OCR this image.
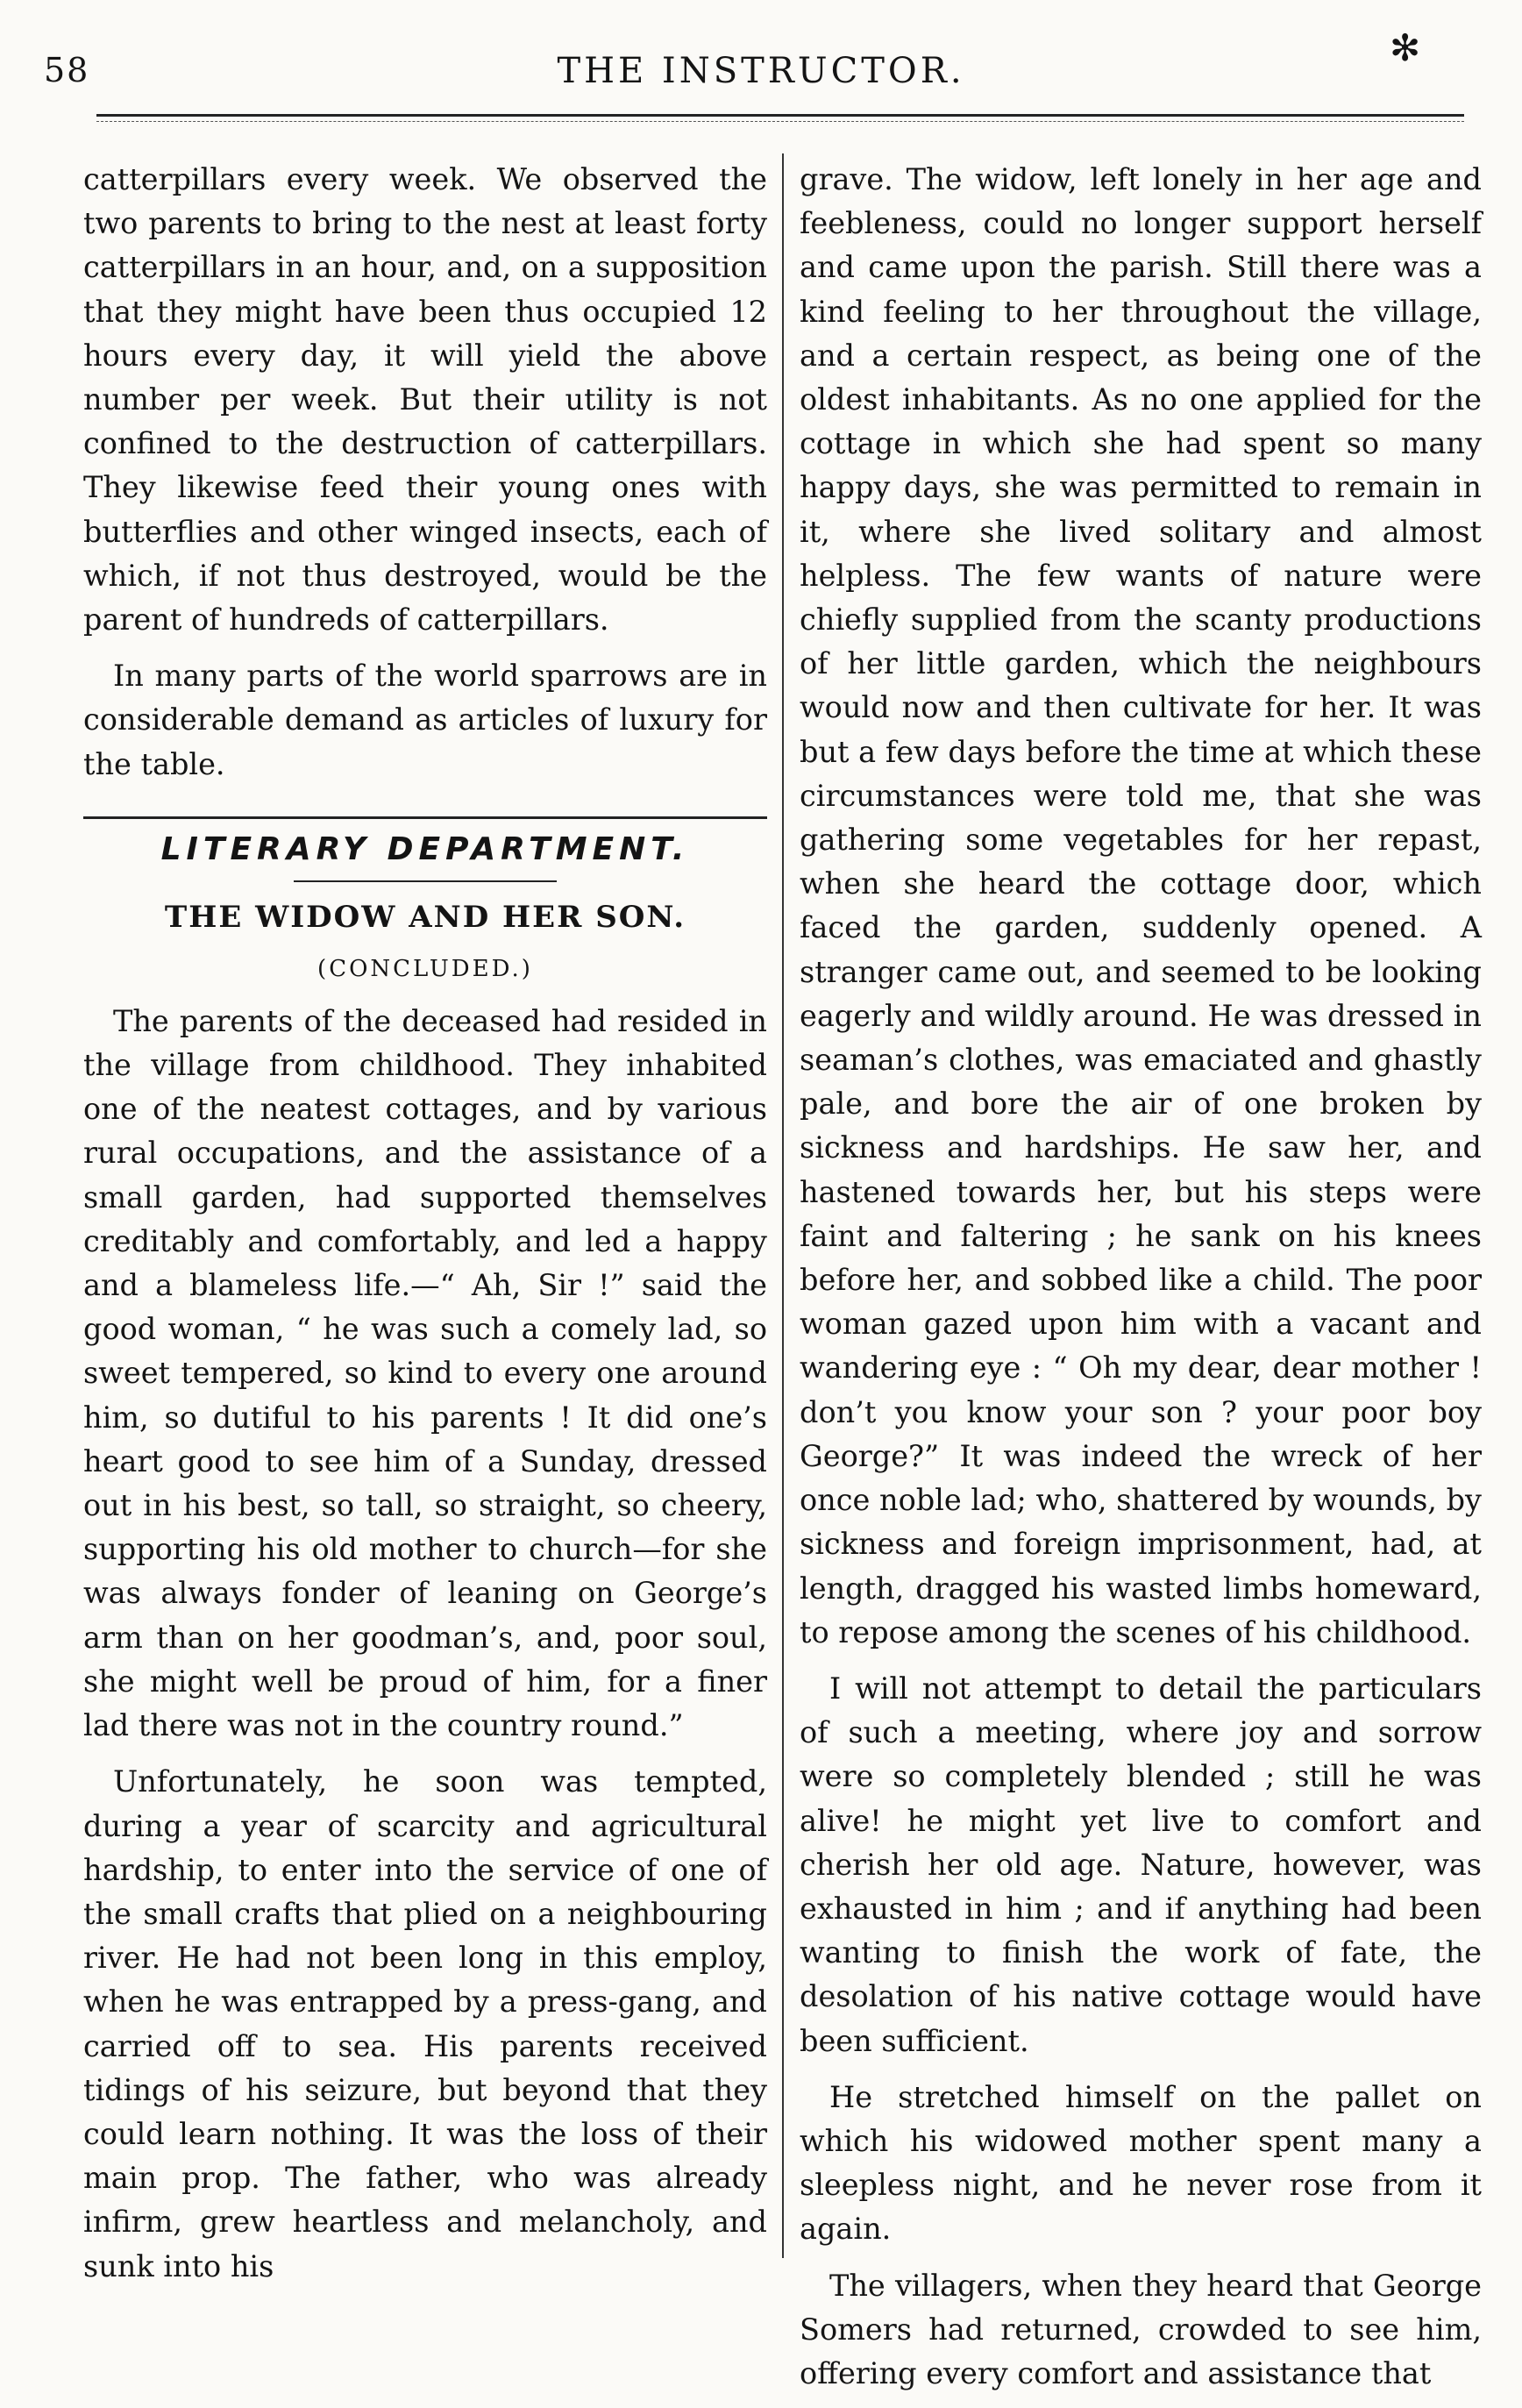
58	THE INSTRUCTOR.
✻

catterpillars every week. We observed the two parents to bring to the nest at least forty catterpillars in an hour, and, on a supposition that they might have been thus occupied 12 hours every day, it will yield the above number per week. But their utility is not confined to the destruction of catterpillars. They likewise feed their young ones with butterflies and other winged insects, each of which, if not thus destroyed, would be the parent of hundreds of catterpillars.

In many parts of the world sparrows are in considerable demand as articles of luxury for the table.

LITERARY DEPARTMENT.
THE WIDOW AND HER SON.
(CONCLUDED.)

The parents of the deceased had resided in the village from childhood. They inhabited one of the neatest cottages, and by various rural occupations, and the assistance of a small garden, had supported themselves creditably and comfortably, and led a happy and a blameless life.—“ Ah, Sir !” said the good woman, “ he was such a comely lad, so sweet tempered, so kind to every one around him, so dutiful to his parents ! It did one’s heart good to see him of a Sunday, dressed out in his best, so tall, so straight, so cheery, supporting his old mother to church—for she was always fonder of leaning on George’s arm than on her goodman’s, and, poor soul, she might well be proud of him, for a finer lad there was not in the country round.”

Unfortunately, he soon was tempted, during a year of scarcity and agricultural hardship, to enter into the service of one of the small crafts that plied on a neighbouring river. He had not been long in this employ, when he was entrapped by a press-gang, and carried off to sea. His parents received tidings of his seizure, but beyond that they could learn nothing. It was the loss of their main prop. The father, who was already infirm, grew heartless and melancholy, and sunk into his

grave. The widow, left lonely in her age and feebleness, could no longer support herself and came upon the parish. Still there was a kind feeling to her throughout the village, and a certain respect, as being one of the oldest inhabitants. As no one applied for the cottage in which she had spent so many happy days, she was permitted to remain in it, where she lived solitary and almost helpless. The few wants of nature were chiefly supplied from the scanty productions of her little garden, which the neighbours would now and then cultivate for her. It was but a few days before the time at which these circumstances were told me, that she was gathering some vegetables for her repast, when she heard the cottage door, which faced the garden, suddenly opened. A stranger came out, and seemed to be looking eagerly and wildly around. He was dressed in seaman’s clothes, was emaciated and ghastly pale, and bore the air of one broken by sickness and hardships. He saw her, and hastened towards her, but his steps were faint and faltering ; he sank on his knees before her, and sobbed like a child. The poor woman gazed upon him with a vacant and wandering eye : “ Oh my dear, dear mother ! don’t you know your son ? your poor boy George?” It was indeed the wreck of her once noble lad; who, shattered by wounds, by sickness and foreign imprisonment, had, at length, dragged his wasted limbs homeward, to repose among the scenes of his childhood.

I will not attempt to detail the particulars of such a meeting, where joy and sorrow were so completely blended ; still he was alive! he might yet live to comfort and cherish her old age. Nature, however, was exhausted in him ; and if anything had been wanting to finish the work of fate, the desolation of his native cottage would have been sufficient.

He stretched himself on the pallet on which his widowed mother spent many a sleepless night, and he never rose from it again.

The villagers, when they heard that George Somers had returned, crowded to see him, offering every comfort and assistance that
